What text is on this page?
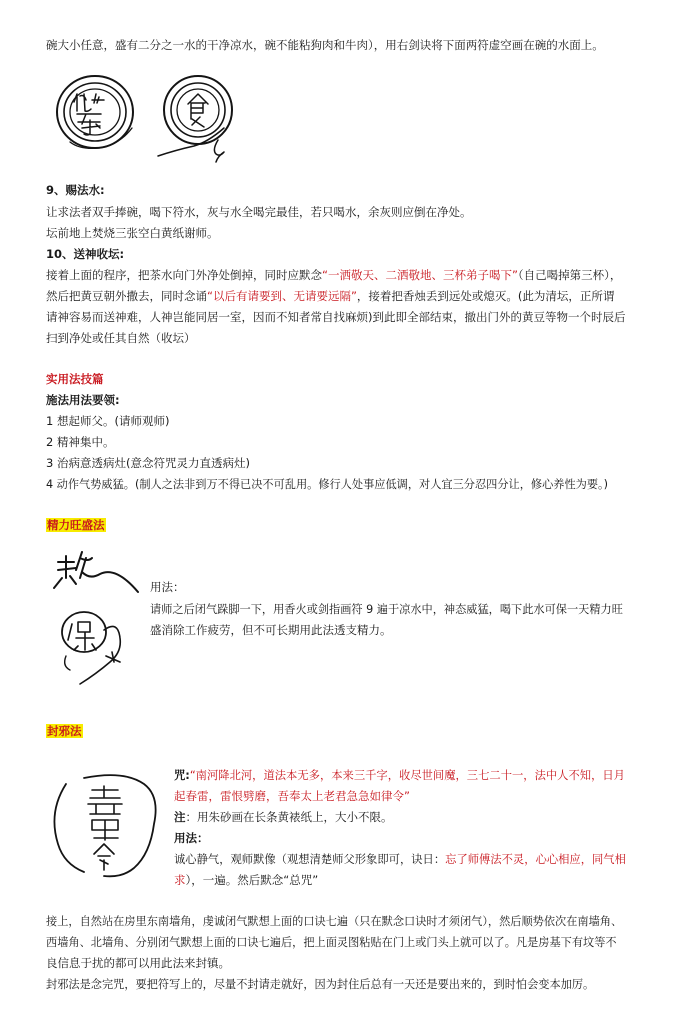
碗大小任意，盛有二分之一水的干净凉水，碗不能粘狗肉和牛肉），用右剑诀将下面两符虚空画在碗的水面上。

9、赐法水:

让求法者双手捧碗，喝下符水，灰与水全喝完最佳，若只喝水，余灰则应倒在净处。

坛前地上焚烧三张空白黄纸谢师。

10、送神收坛:

接着上面的程序，把茶水向门外净处倒掉，同时应默念“一洒敬天、二洒敬地、三杯弟子喝下”（自己喝掉第三杯），

然后把黄豆朝外撒去，同时念诵“以后有请要到、无请要远隔”，接着把香烛丢到远处或熄灭。(此为清坛，正所谓

请神容易而送神难，人神岂能同居一室，因而不知者常自找麻烦)到此即全部结束，撤出门外的黄豆等物一个时辰后

扫到净处或任其自然（收坛）

实用法技篇

施法用法要领:

1 想起师父。(请师观师)

2 精神集中。

3 治病意透病灶(意念符咒灵力直透病灶)

4 动作气势威猛。(制人之法非到万不得已决不可乱用。修行人处事应低调，对人宜三分忍四分让，修心养性为要。)

精力旺盛法

用法：

请师之后闭气跺脚一下，用香火或剑指画符 9 遍于凉水中，神态威猛，喝下此水可保一天精力旺

盛消除工作疲劳，但不可长期用此法透支精力。

封邪法

咒:“南河降北河，道法本无多，本来三千字，收尽世间魔，三七二十一，法中人不知，日月

起春雷，雷恨劈磨，吾奉太上老君急急如律令”

注：用朱砂画在长条黄裱纸上，大小不限。

用法：

诚心静气，观师默像（观想清楚师父形象即可，诀日：忘了师傅法不灵，心心相应，同气相

求），一遍。然后默念“总咒”

接上，自然站在房里东南墙角，虔诚闭气默想上面的口诀七遍（只在默念口诀时才须闭气），然后顺势依次在南墙角、

西墙角、北墙角、分别闭气默想上面的口诀七遍后，把上面灵图粘贴在门上或门头上就可以了。凡是房基下有坟等不

良信息于扰的都可以用此法来封镇。

封邪法是念完咒，要把符写上的，尽量不封请走就好，因为封住后总有一天还是要出来的，到时怕会变本加厉。
